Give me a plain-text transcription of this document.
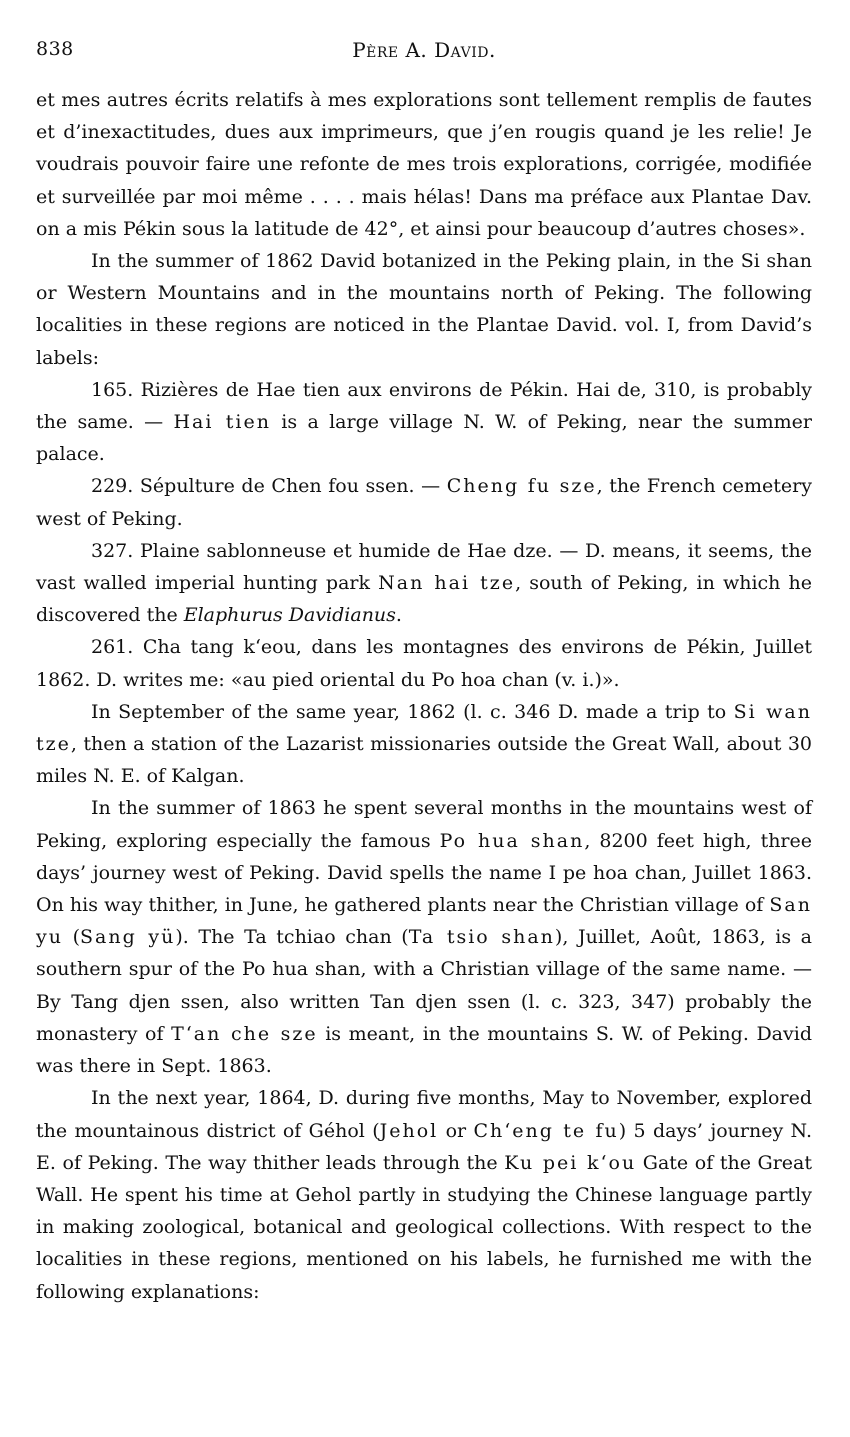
838	Père A. David.

et mes autres écrits relatifs à mes explorations sont tellement remplis de fautes et d’inexactitudes, dues aux imprimeurs, que j’en rougis quand je les relie! Je voudrais pouvoir faire une refonte de mes trois explorations, corrigée, modifiée et surveillée par moi même . . . . mais hélas! Dans ma préface aux Plantae Dav. on a mis Pékin sous la latitude de 42°, et ainsi pour beaucoup d’autres choses».

In the summer of 1862 David botanized in the Peking plain, in the Si shan or Western Mountains and in the mountains north of Peking. The following localities in these regions are noticed in the Plantae David. vol. I, from David’s labels:

165. Rizières de Hae tien aux environs de Pékin. Hai de, 310, is probably the same. — Hai tien is a large village N. W. of Peking, near the summer palace.

229. Sépulture de Chen fou ssen. — Cheng fu sze, the French cemetery west of Peking.

327. Plaine sablonneuse et humide de Hae dze. — D. means, it seems, the vast walled imperial hunting park Nan hai tze, south of Peking, in which he discovered the Elaphurus Davidianus.

261. Cha tang kʻeou, dans les montagnes des environs de Pékin, Juillet 1862. D. writes me: «au pied oriental du Po hoa chan (v. i.)».

In September of the same year, 1862 (l. c. 346 D. made a trip to Si wan tze, then a station of the Lazarist missionaries outside the Great Wall, about 30 miles N. E. of Kalgan.

In the summer of 1863 he spent several months in the mountains west of Peking, exploring especially the famous Po hua shan, 8200 feet high, three days’ journey west of Peking. David spells the name I pe hoa chan, Juillet 1863. On his way thither, in June, he gathered plants near the Christian village of San yu (Sang yü). The Ta tchiao chan (Ta tsio shan), Juillet, Août, 1863, is a southern spur of the Po hua shan, with a Christian village of the same name. — By Tang djen ssen, also written Tan djen ssen (l. c. 323, 347) probably the monastery of Tʻan che sze is meant, in the mountains S. W. of Peking. David was there in Sept. 1863.

In the next year, 1864, D. during five months, May to November, explored the mountainous district of Géhol (Jehol or Chʻeng te fu) 5 days’ journey N. E. of Peking. The way thither leads through the Ku pei kʻou Gate of the Great Wall. He spent his time at Gehol partly in studying the Chinese language partly in making zoological, botanical and geological collections. With respect to the localities in these regions, mentioned on his labels, he furnished me with the following explanations:
